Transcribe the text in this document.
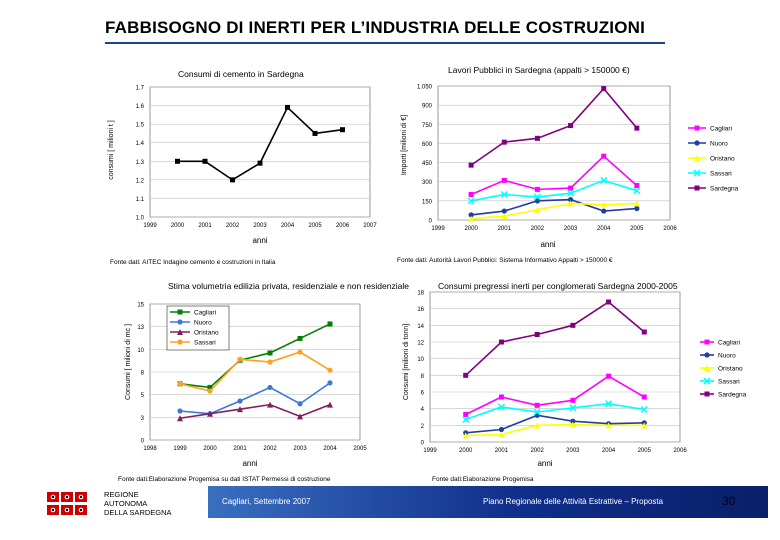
FABBISOGNO DI INERTI PER L’INDUSTRIA DELLE COSTRUZIONI
1.0
1.1
1.2
1.3
1.4
1.5
1.6
1.7
1999 2000 2001 2002 2003 2004 2005 2006 2007
Consumi di cemento in Sardegna
anni
consumi [ milioni t ]
0
150
300
450
600
750
900
1.050
1999	2000	2001	2002	2003	2004	2005	2006
Lavori Pubblici in Sardegna (appalti > 150000 €)
anni
Importi [milioni di €]	Cagliari
Nuoro
Oristano
Sassari
Sardegna
0
3
5
8
10
13
15
1998	1999	2000	2001	2002	2003	2004	2005
Stima volumetria edilizia privata, residenziale e non residenziale
anni
Consumi [ milioni di mc ]
Cagliari
Nuoro
Oristano
Sassari
0
2
4
6
8
10
12
14
16
18
1999	2000	2001	2002	2003	2004	2005	2006
Consumi pregressi inerti per conglomerati Sardegna 2000-2005
anni
Consumi [milioni di tonn]	Cagliari
Nuoro
Oristano
Sassari
Sardegna
Fonte dati: AITEC Indagine cemento e costruzioni in Italia	Fonte dati: Autorità Lavori Pubblici: Sistema Informativo Appalti > 150000 €
Fonte dati:Elaborazione Progemisa su dati ISTAT Permessi di costruzione	Fonte dati:Elaborazione Progemisa
REGIONE
AUTONOMA
DELLA SARDEGNA
Cagliari, Settembre 2007	Piano Regionale delle Attività Estrattive – Proposta	30
